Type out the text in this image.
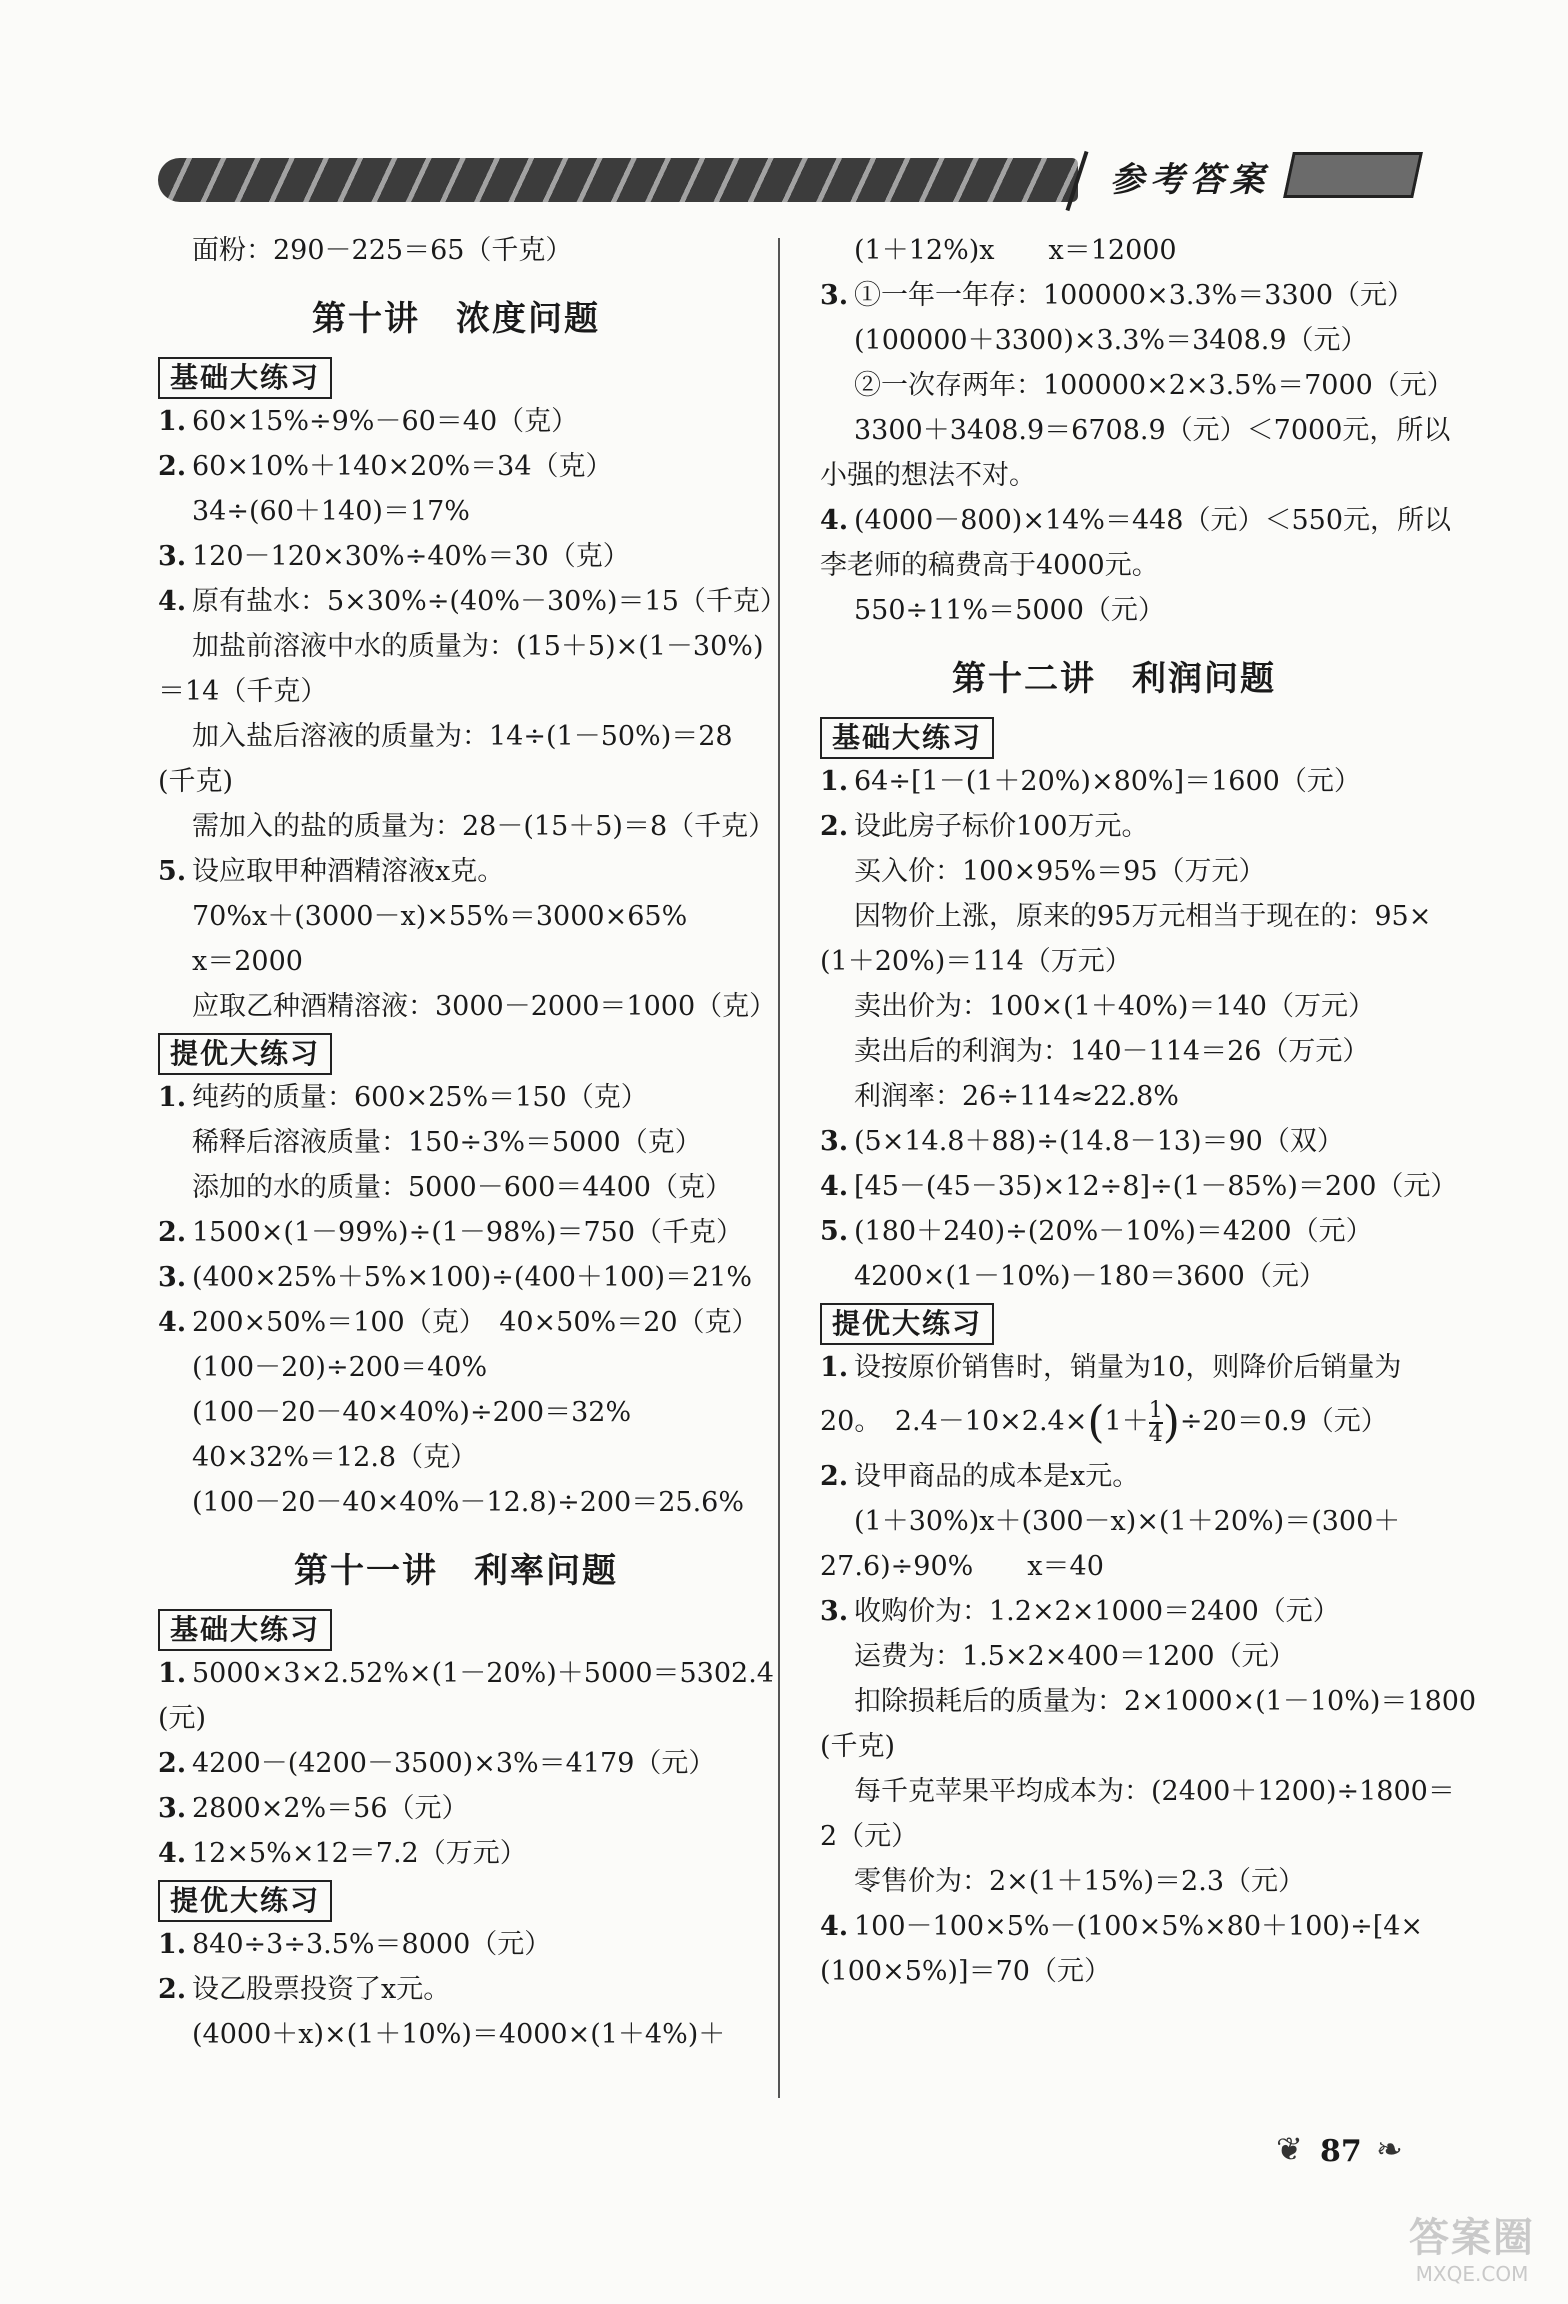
参考答案
面粉：290－225＝65（千克）
第十讲　浓度问题
基础大练习
1. 60×15%÷9%－60＝40（克）
2. 60×10%＋140×20%＝34（克）
34÷(60＋140)＝17%
3. 120－120×30%÷40%＝30（克）
4. 原有盐水：5×30%÷(40%－30%)＝15（千克）
加盐前溶液中水的质量为：(15＋5)×(1－30%)
＝14（千克）
加入盐后溶液的质量为：14÷(1－50%)＝28
(千克)
需加入的盐的质量为：28－(15＋5)＝8（千克）
5. 设应取甲种酒精溶液x克。
70%x＋(3000－x)×55%＝3000×65%
x＝2000
应取乙种酒精溶液：3000－2000＝1000（克）
提优大练习
1. 纯药的质量：600×25%＝150（克）
稀释后溶液质量：150÷3%＝5000（克）
添加的水的质量：5000－600＝4400（克）
2. 1500×(1－99%)÷(1－98%)＝750（千克）
3. (400×25%＋5%×100)÷(400＋100)＝21%
4. 200×50%＝100（克）　40×50%＝20（克）
(100－20)÷200＝40%
(100－20－40×40%)÷200＝32%
40×32%＝12.8（克）
(100－20－40×40%－12.8)÷200＝25.6%
第十一讲　利率问题
基础大练习
1. 5000×3×2.52%×(1－20%)＋5000＝5302.4
(元)
2. 4200－(4200－3500)×3%＝4179（元）
3. 2800×2%＝56（元）
4. 12×5%×12＝7.2（万元）
提优大练习
1. 840÷3÷3.5%＝8000（元）
2. 设乙股票投资了x元。
(4000＋x)×(1＋10%)＝4000×(1＋4%)＋
(1＋12%)x　　x＝12000
3. ①一年一年存：100000×3.3%＝3300（元）
(100000＋3300)×3.3%＝3408.9（元）
②一次存两年：100000×2×3.5%＝7000（元）
3300＋3408.9＝6708.9（元）＜7000元，所以
小强的想法不对。
4. (4000－800)×14%＝448（元）＜550元，所以
李老师的稿费高于4000元。
550÷11%＝5000（元）
第十二讲　利润问题
基础大练习
1. 64÷[1－(1＋20%)×80%]＝1600（元）
2. 设此房子标价100万元。
买入价：100×95%＝95（万元）
因物价上涨，原来的95万元相当于现在的：95×
(1＋20%)＝114（万元）
卖出价为：100×(1＋40%)＝140（万元）
卖出后的利润为：140－114＝26（万元）
利润率：26÷114≈22.8%
3. (5×14.8＋88)÷(14.8－13)＝90（双）
4. [45－(45－35)×12÷8]÷(1－85%)＝200（元）
5. (180＋240)÷(20%－10%)＝4200（元）
4200×(1－10%)－180＝3600（元）
提优大练习
1. 设按原价销售时，销量为10，则降价后销量为
20。　$2.4-10\times 2.4\times(1+ \frac{1}{4} )\div 20=0.9$（元）
2. 设甲商品的成本是x元。
(1＋30%)x＋(300－x)×(1＋20%)＝(300＋
27.6)÷90%　　x＝40
3. 收购价为：1.2×2×1000＝2400（元）
运费为：1.5×2×400＝1200（元）
扣除损耗后的质量为：2×1000×(1－10%)＝1800
(千克)
每千克苹果平均成本为：(2400＋1200)÷1800＝
2（元）
零售价为：2×(1＋15%)＝2.3（元）
4. 100－100×5%－(100×5%×80＋100)÷[4×
(100×5%)]＝70（元）
❦ 87 ❧
答案圈
MXQE.COM
